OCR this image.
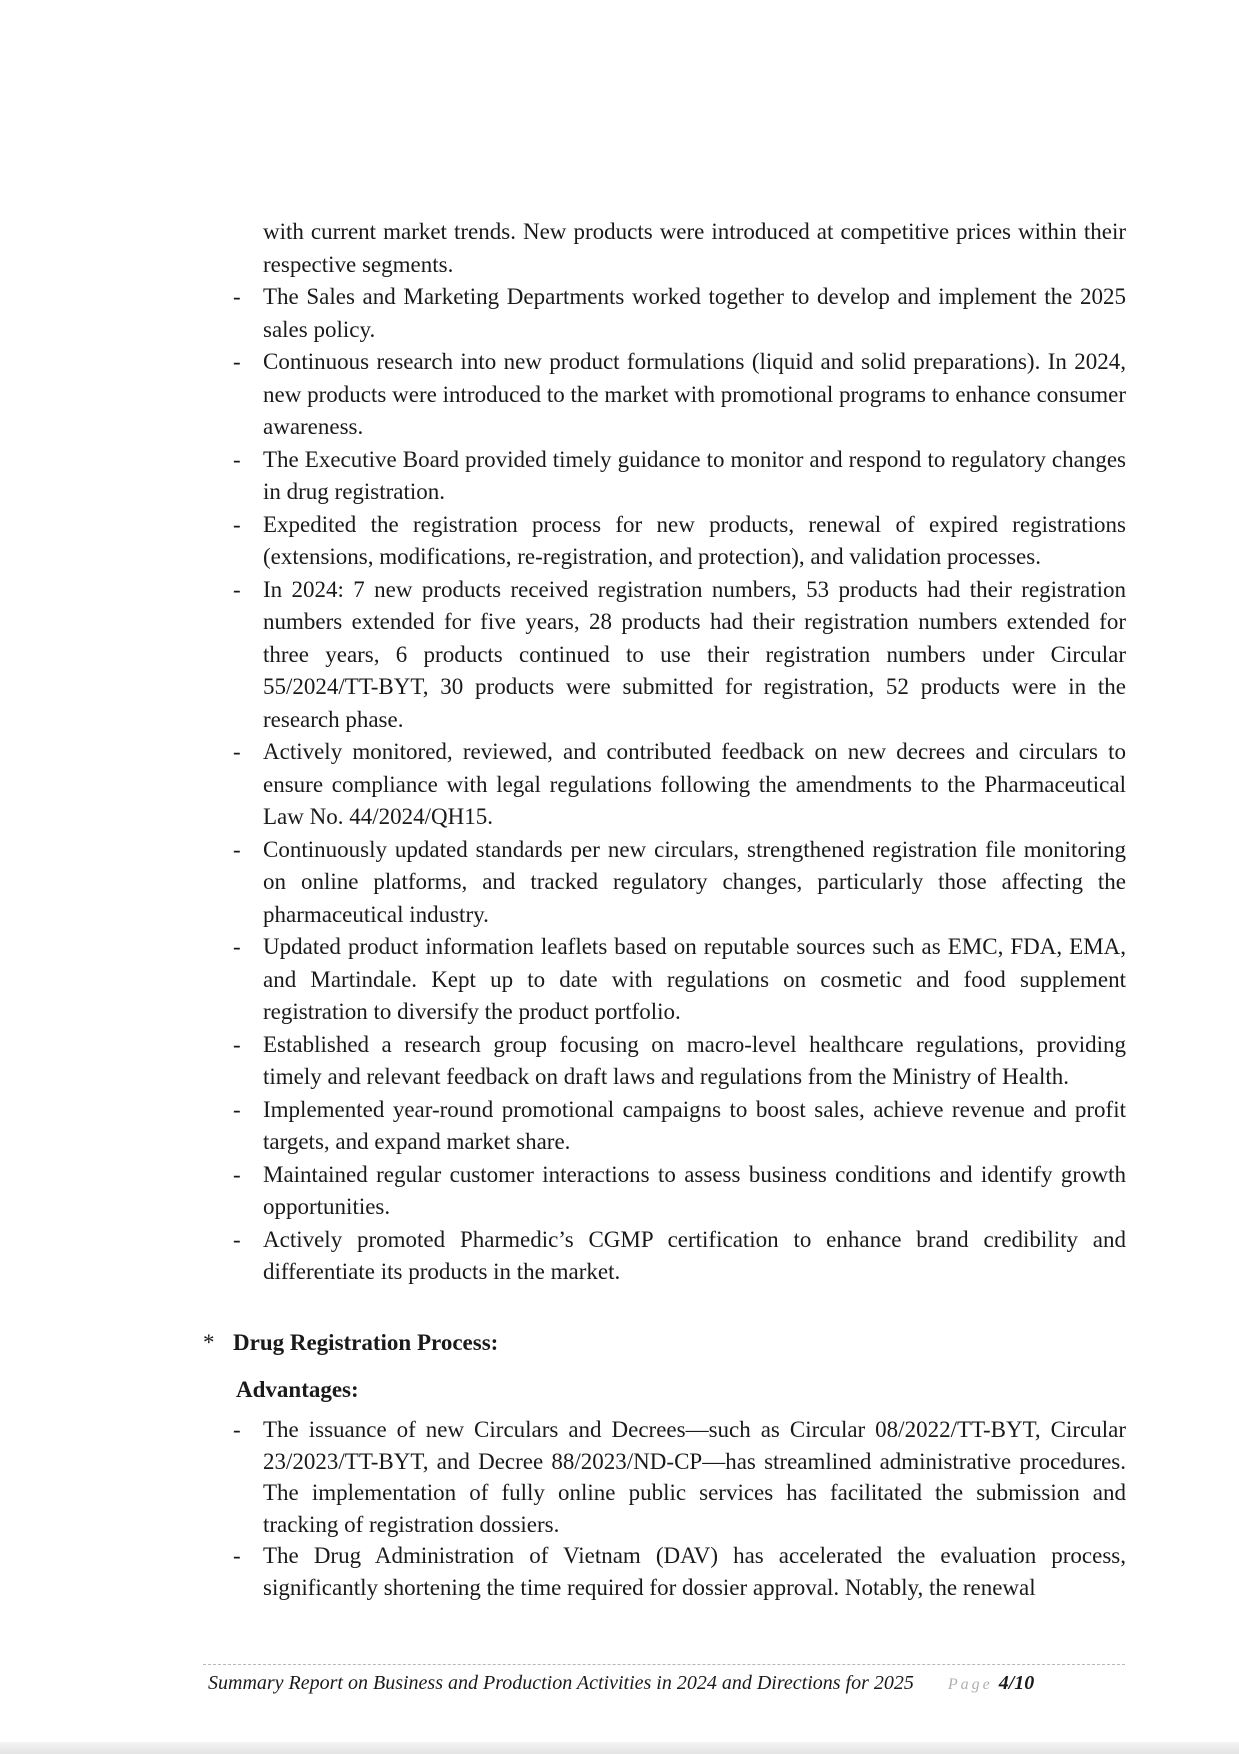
with current market trends. New products were introduced at competitive prices within their respective segments.
- The Sales and Marketing Departments worked together to develop and implement the 2025 sales policy.
- Continuous research into new product formulations (liquid and solid preparations). In 2024, new products were introduced to the market with promotional programs to enhance consumer awareness.
- The Executive Board provided timely guidance to monitor and respond to regulatory changes in drug registration.
- Expedited the registration process for new products, renewal of expired registrations (extensions, modifications, re-registration, and protection), and validation processes.
- In 2024: 7 new products received registration numbers, 53 products had their registration numbers extended for five years, 28 products had their registration numbers extended for three years, 6 products continued to use their registration numbers under Circular 55/2024/TT-BYT, 30 products were submitted for registration, 52 products were in the research phase.
- Actively monitored, reviewed, and contributed feedback on new decrees and circulars to ensure compliance with legal regulations following the amendments to the Pharmaceutical Law No. 44/2024/QH15.
- Continuously updated standards per new circulars, strengthened registration file monitoring on online platforms, and tracked regulatory changes, particularly those affecting the pharmaceutical industry.
- Updated product information leaflets based on reputable sources such as EMC, FDA, EMA, and Martindale. Kept up to date with regulations on cosmetic and food supplement registration to diversify the product portfolio.
- Established a research group focusing on macro-level healthcare regulations, providing timely and relevant feedback on draft laws and regulations from the Ministry of Health.
- Implemented year-round promotional campaigns to boost sales, achieve revenue and profit targets, and expand market share.
- Maintained regular customer interactions to assess business conditions and identify growth opportunities.
- Actively promoted Pharmedic’s CGMP certification to enhance brand credibility and differentiate its products in the market.
* Drug Registration Process:
Advantages:
- The issuance of new Circulars and Decrees—such as Circular 08/2022/TT-BYT, Circular 23/2023/TT-BYT, and Decree 88/2023/ND-CP—has streamlined administrative procedures. The implementation of fully online public services has facilitated the submission and tracking of registration dossiers.
- The Drug Administration of Vietnam (DAV) has accelerated the evaluation process, significantly shortening the time required for dossier approval. Notably, the renewal
Summary Report on Business and Production Activities in 2024 and Directions for 2025 Page 4/10
